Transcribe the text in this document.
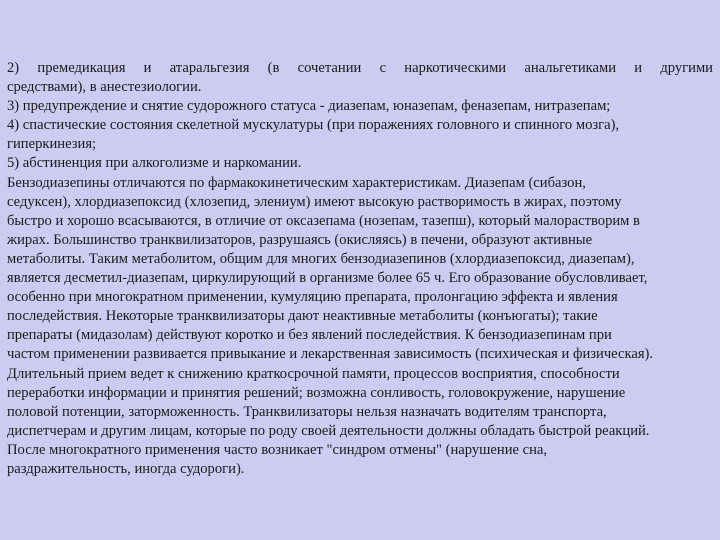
2) премедикация и атаральгезия (в сочетании с наркотическими анальгетиками и другими
средствами), в анестезиологии.
3) предупреждение и снятие судорожного статуса - диазепам, юназепам, феназепам, нитразепам;
4) спастические состояния скелетной мускулатуры (при поражениях головного и спинного мозга),
гиперкинезия;
5) абстиненция при алкоголизме и наркомании.
Бензодиазепины отличаются по фармакокинетическим характеристикам. Диазепам (сибазон,
седуксен), хлордиазепоксид (хлозепид, элениум) имеют высокую растворимость в жирах, поэтому
быстро и хорошо всасываются, в отличие от оксазепама (нозепам, тазепш), который малорастворим в
жирах. Большинство транквилизаторов, разрушаясь (окисляясь) в печени, образуют активные
метаболиты. Таким метаболитом, общим для многих бензодиазепинов (хлордиазепоксид, диазепам),
является десметил-диазепам, циркулирующий в организме более 65 ч. Его образование обусловливает,
особенно при многократном применении, кумуляцию препарата, пролонгацию эффекта и явления
последействия. Некоторые транквилизаторы дают неактивные метаболиты (конъюгаты); такие
препараты (мидазолам) действуют коротко и без явлений последействия. К бензодиазепинам при
частом применении развивается привыкание и лекарственная зависимость (психическая и физическая).
Длительный прием ведет к снижению краткосрочной памяти, процессов восприятия, способности
переработки информации и принятия решений; возможна сонливость, головокружение, нарушение
половой потенции, заторможенность. Транквилизаторы нельзя назначать водителям транспорта,
диспетчерам и другим лицам, которые по роду своей деятельности должны обладать быстрой реакций.
После многократного применения часто возникает "синдром отмены" (нарушение сна,
раздражительность, иногда судороги).
